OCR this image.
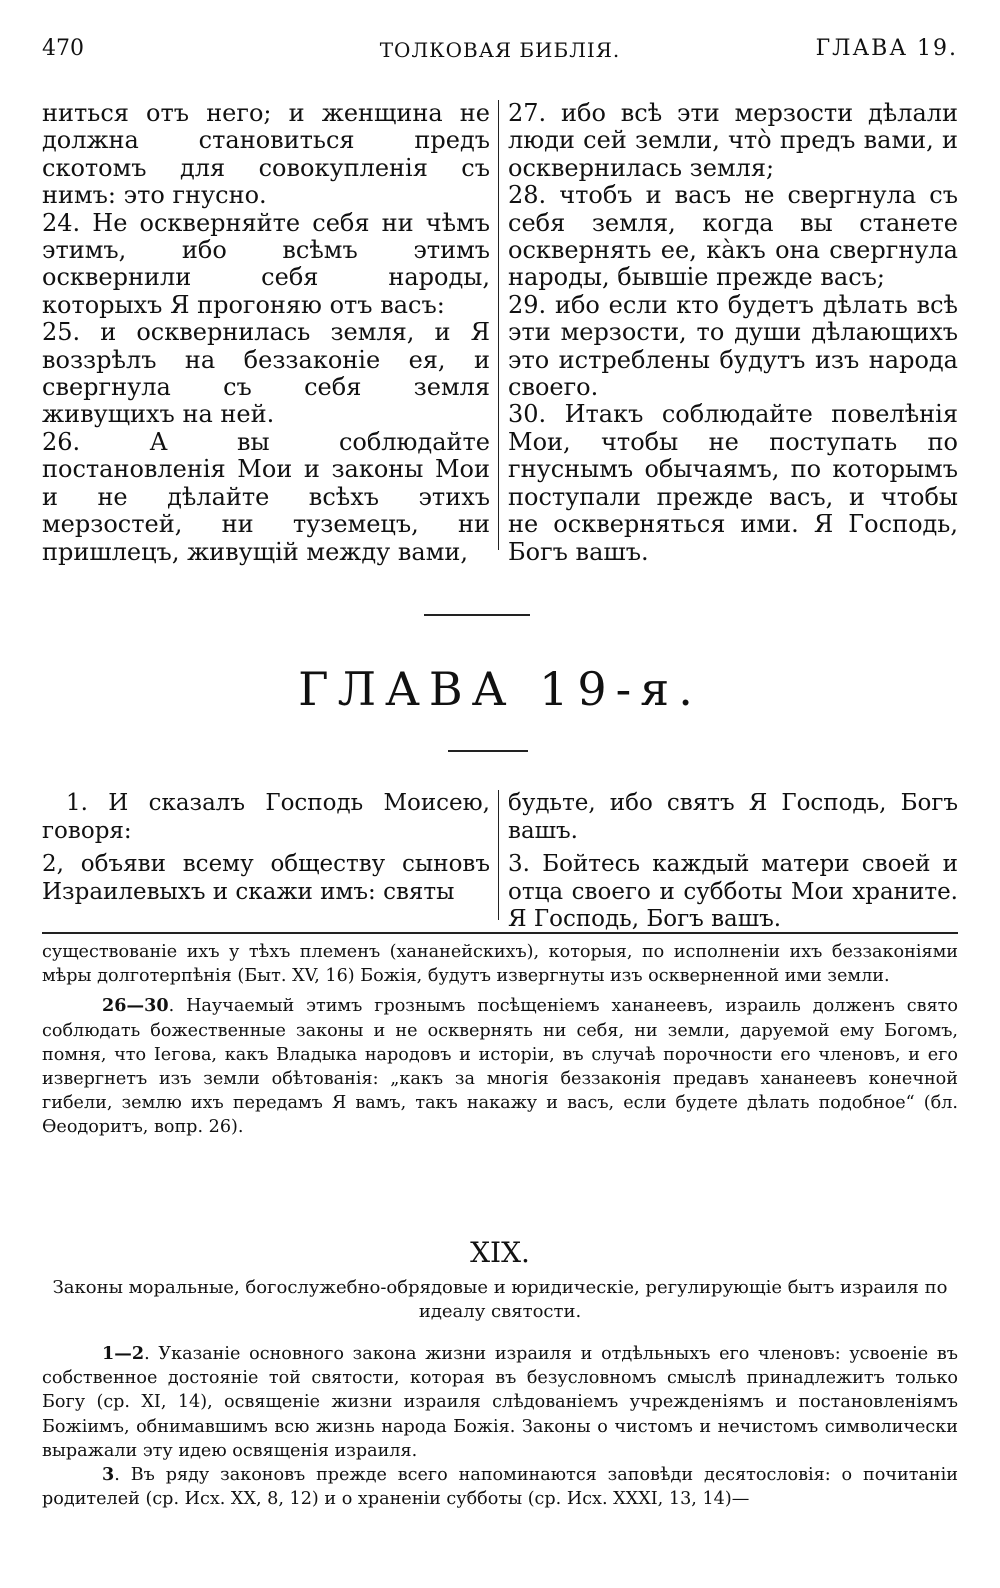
470	ТОЛКОВАЯ БИБЛІЯ.	ГЛАВА 19.

ниться отъ него; и женщина не должна становиться предъ скотомъ для совокупленія съ нимъ: это гнусно.

24. Не оскверняйте себя ни чѣмъ этимъ, ибо всѣмъ этимъ осквернили себя народы, которыхъ Я прогоняю отъ васъ:

25. и осквернилась земля, и Я воззрѣлъ на беззаконіе ея, и свергнула съ себя земля живущихъ на ней.

26. А вы соблюдайте постановленія Мои и законы Мои и не дѣлайте всѣхъ этихъ мерзостей, ни туземецъ, ни пришлецъ, живущій между вами,

27. ибо всѣ эти мерзости дѣлали люди сей земли, что̀ предъ вами, и осквернилась земля;

28. чтобъ и васъ не свергнула съ себя земля, когда вы станете осквернять ее, ка̀къ она свергнула народы, бывшіе прежде васъ;

29. ибо если кто будетъ дѣлать всѣ эти мерзости, то души дѣлающихъ это истреблены будутъ изъ народа своего.

30. Итакъ соблюдайте повелѣнія Мои, чтобы не поступать по гнуснымъ обычаямъ, по которымъ поступали прежде васъ, и чтобы не оскверняться ими. Я Господь, Богъ вашъ.

ГЛАВА 19-я.

1. И сказалъ Господь Моисею, говоря:

2, объяви всему обществу сыновъ Израилевыхъ и скажи имъ: святы

будьте, ибо святъ Я Господь, Богъ вашъ.

3. Бойтесь каждый матери своей и отца своего и субботы Мои храните. Я Господь, Богъ вашъ.

существованіе ихъ у тѣхъ племенъ (хананейскихъ), которыя, по исполненіи ихъ беззаконіями мѣры долготерпѣнія (Быт. XV, 16) Божія, будутъ извергнуты изъ оскверненной ими земли.

26—30. Научаемый этимъ грознымъ посѣщеніемъ хананеевъ, израиль долженъ свято соблюдать божественные законы и не осквернять ни себя, ни земли, даруемой ему Богомъ, помня, что Іегова, какъ Владыка народовъ и исторіи, въ случаѣ порочности его членовъ, и его извергнетъ изъ земли обѣтованія: „какъ за многія беззаконія предавъ хананеевъ конечной гибели, землю ихъ передамъ Я вамъ, такъ накажу и васъ, если будете дѣлать подобное“ (бл. Ѳеодоритъ, вопр. 26).

XIX.
Законы моральные, богослужебно-обрядовые и юридическіе, регулирующіе бытъ израиля по идеалу святости.

1—2. Указаніе основного закона жизни израиля и отдѣльныхъ его членовъ: усвоеніе въ собственное достояніе той святости, которая въ безусловномъ смыслѣ принадлежитъ только Богу (ср. XI, 14), освященіе жизни израиля слѣдованіемъ учрежденіямъ и постановленіямъ Божіимъ, обнимавшимъ всю жизнь народа Божія. Законы о чистомъ и нечистомъ символически выражали эту идею освященія израиля.

3. Въ ряду законовъ прежде всего напоминаются заповѣди десятословія: о почитаніи родителей (ср. Исх. XX, 8, 12) и о храненіи субботы (ср. Исх. XXXI, 13, 14)—
